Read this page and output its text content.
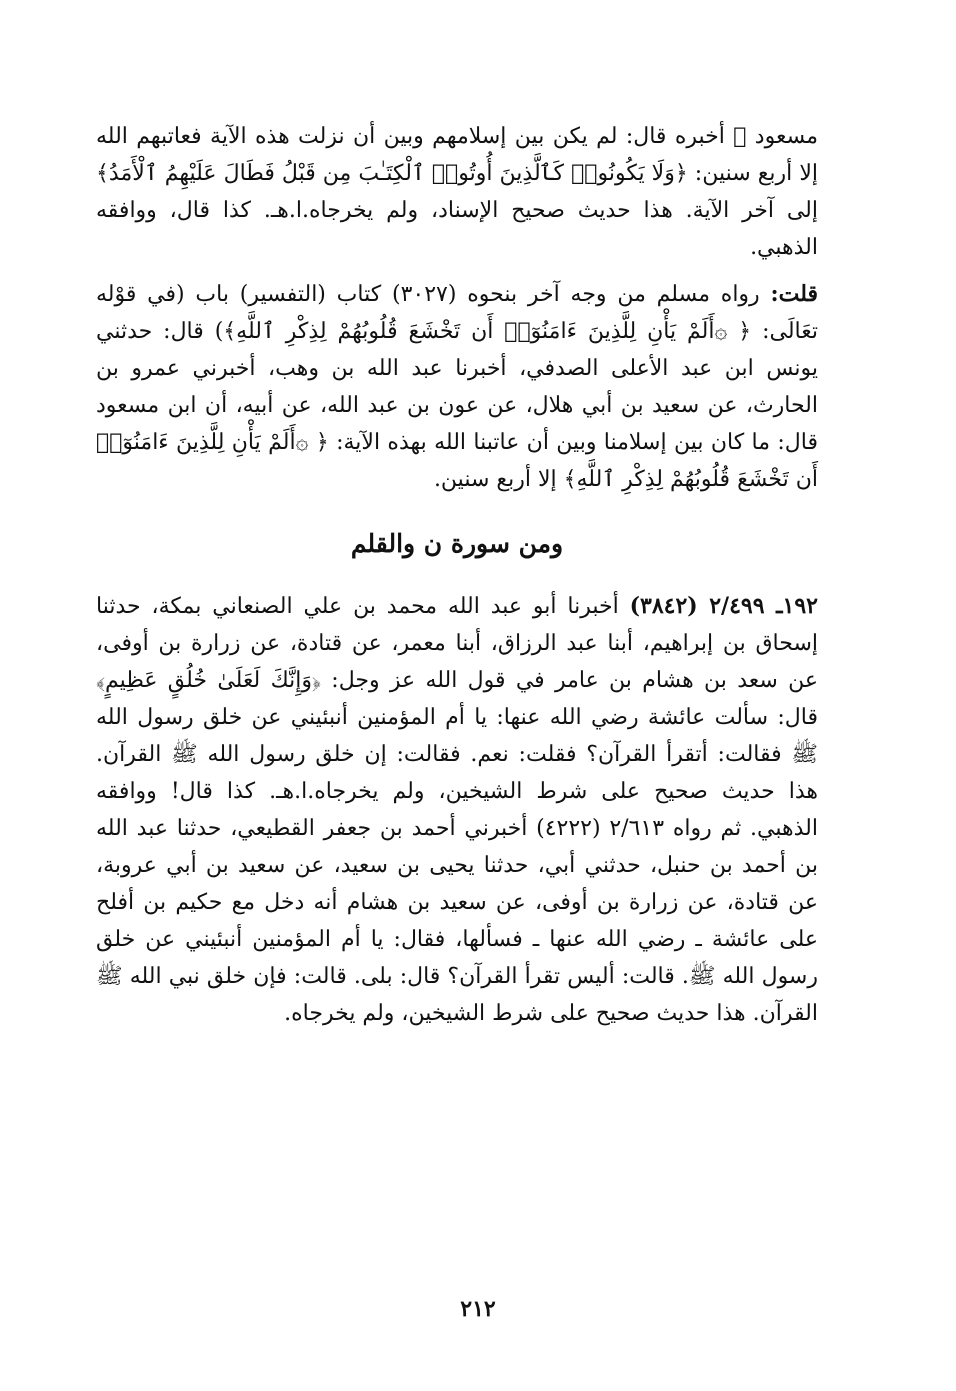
مسعود ﷺ أخبره قال: لم يكن بين إسلامهم وبين أن نزلت هذه الآية فعاتبهم الله إلا أربع سنين: ﴿وَلَا يَكُونُوا۟ كَٱلَّذِينَ أُوتُوا۟ ٱلْكِتَـٰبَ مِن قَبْلُ فَطَالَ عَلَيْهِمُ ٱلْأَمَدُ﴾ إلى آخر الآية. هذا حديث صحيح الإسناد، ولم يخرجاه.ا.هـ. كذا قال، ووافقه الذهبي.

قلت: رواه مسلم من وجه آخر بنحوه (٣٠٢٧) كتاب (التفسير) باب (في قوْله تعَالَى: ﴿ ۞أَلَمْ يَأْنِ لِلَّذِينَ ءَامَنُوٓا۟ أَن تَخْشَعَ قُلُوبُهُمْ لِذِكْرِ ٱللَّهِ﴾) قال: حدثني يونس ابن عبد الأعلى الصدفي، أخبرنا عبد الله بن وهب، أخبرني عمرو بن الحارث، عن سعيد بن أبي هلال، عن عون بن عبد الله، عن أبيه، أن ابن مسعود قال: ما كان بين إسلامنا وبين أن عاتبنا الله بهذه الآية: ﴿ ۞أَلَمْ يَأْنِ لِلَّذِينَ ءَامَنُوٓا۟ أَن تَخْشَعَ قُلُوبُهُمْ لِذِكْرِ ٱللَّهِ﴾ إلا أربع سنين.

ومن سورة ن والقلم

١٩٢ـ ٢/٤٩٩ (٣٨٤٢) أخبرنا أبو عبد الله محمد بن علي الصنعاني بمكة، حدثنا إسحاق بن إبراهيم، أبنا عبد الرزاق، أبنا معمر، عن قتادة، عن زرارة بن أوفى، عن سعد بن هشام بن عامر في قول الله عز وجل: ﴿وَإِنَّكَ لَعَلَىٰ خُلُقٍ عَظِيمٍ﴾ قال: سألت عائشة رضي الله عنها: يا أم المؤمنين أنبئيني عن خلق رسول الله ﷺ فقالت: أتقرأ القرآن؟ فقلت: نعم. فقالت: إن خلق رسول الله ﷺ القرآن. هذا حديث صحيح على شرط الشيخين، ولم يخرجاه.ا.هـ. كذا قال! ووافقه الذهبي. ثم رواه ٢/٦١٣ (٤٢٢٢) أخبرني أحمد بن جعفر القطيعي، حدثنا عبد الله بن أحمد بن حنبل، حدثني أبي، حدثنا يحيى بن سعيد، عن سعيد بن أبي عروبة، عن قتادة، عن زرارة بن أوفى، عن سعيد بن هشام أنه دخل مع حكيم بن أفلح على عائشة ـ رضي الله عنها ـ فسألها، فقال: يا أم المؤمنين أنبئيني عن خلق رسول الله ﷺ. قالت: أليس تقرأ القرآن؟ قال: بلى. قالت: فإن خلق نبي الله ﷺ القرآن. هذا حديث صحيح على شرط الشيخين، ولم يخرجاه.

٢١٢
